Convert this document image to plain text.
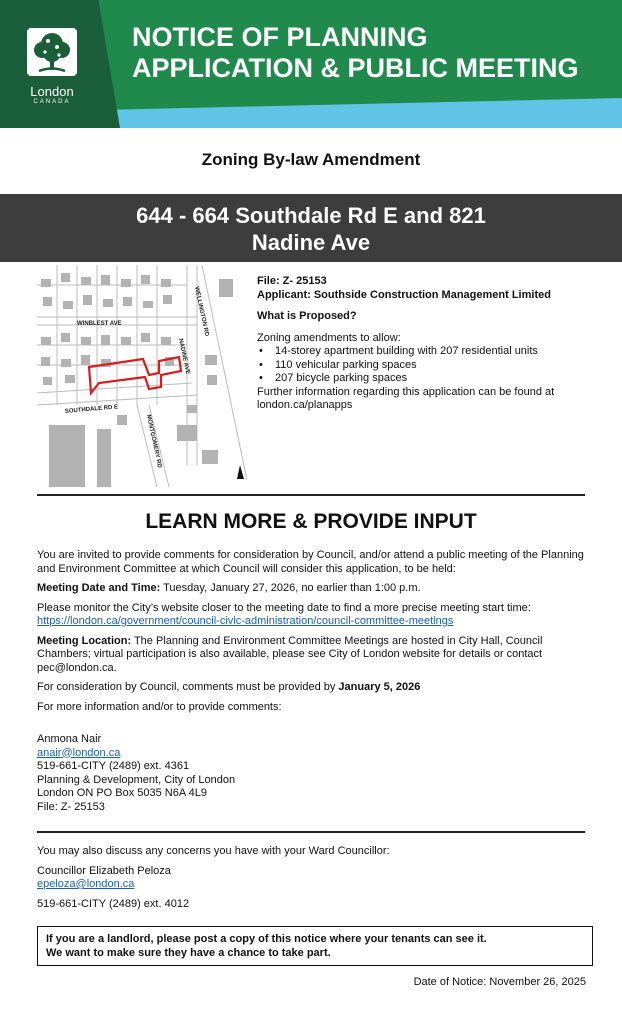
London
CANADA
NOTICE OF PLANNING
APPLICATION & PUBLIC MEETING
Zoning By-law Amendment
644 - 664 Southdale Rd E and 821
Nadine Ave
WINBLEST AVE
NADINE AVE
WELLINGTON RD
SOUTHDALE RD E
MONTGOMERY RD
File: Z- 25153
Applicant: Southside Construction Management Limited
What is Proposed?
Zoning amendments to allow:
• 14-storey apartment building with 207 residential units
• 110 vehicular parking spaces
• 207 bicycle parking spaces
Further information regarding this application can be found at london.ca/planapps
LEARN MORE & PROVIDE INPUT

You are invited to provide comments for consideration by Council, and/or attend a public meeting of the Planning and Environment Committee at which Council will consider this application, to be held:

Meeting Date and Time: Tuesday, January 27, 2026, no earlier than 1:00 p.m.

Please monitor the City’s website closer to the meeting date to find a more precise meeting start time:
https://london.ca/government/council-civic-administration/council-committee-meetings

Meeting Location: The Planning and Environment Committee Meetings are hosted in City Hall, Council Chambers; virtual participation is also available, please see City of London website for details or contact pec@london.ca.

For consideration by Council, comments must be provided by January 5, 2026

For more information and/or to provide comments:

Anmona Nair
anair@london.ca
519-661-CITY (2489) ext. 4361
Planning & Development, City of London
London ON PO Box 5035 N6A 4L9
File: Z- 25153

You may also discuss any concerns you have with your Ward Councillor:

Councillor Elizabeth Peloza
epeloza@london.ca

519-661-CITY (2489) ext. 4012

If you are a landlord, please post a copy of this notice where your tenants can see it.
We want to make sure they have a chance to take part.
Date of Notice: November 26, 2025
